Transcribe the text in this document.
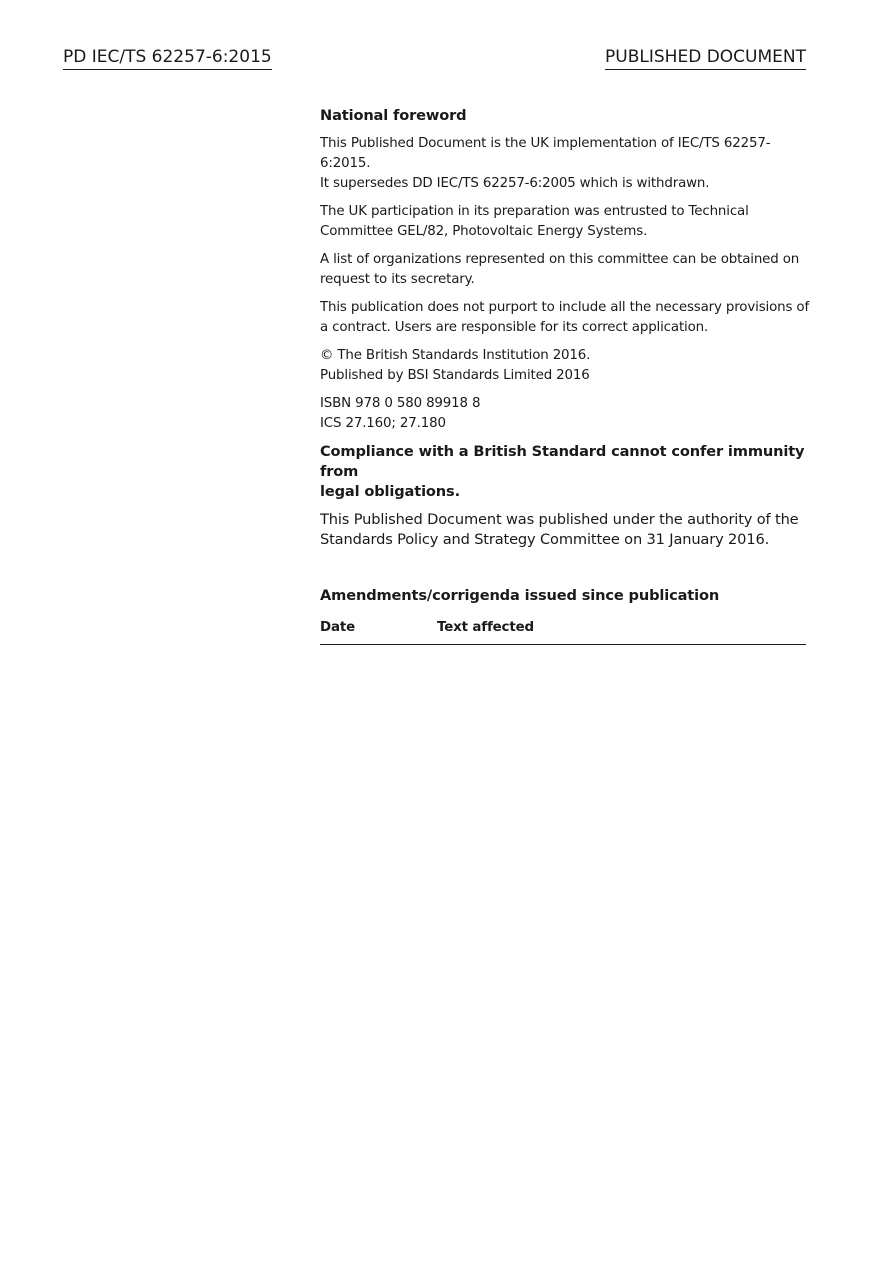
PD IEC/TS 62257-6:2015	PUBLISHED DOCUMENT
National foreword

This Published Document is the UK implementation of IEC/TS 62257-6:2015.
It supersedes DD IEC/TS 62257-6:2005 which is withdrawn.

The UK participation in its preparation was entrusted to Technical
Committee GEL/82, Photovoltaic Energy Systems.

A list of organizations represented on this committee can be obtained on
request to its secretary.

This publication does not purport to include all the necessary provisions of
a contract. Users are responsible for its correct application.

© The British Standards Institution 2016.
Published by BSI Standards Limited 2016

ISBN 978 0 580 89918 8
ICS 27.160; 27.180

Compliance with a British Standard cannot confer immunity from
legal obligations.
This Published Document was published under the authority of the
Standards Policy and Strategy Committee on 31 January 2016.
Amendments/corrigenda issued since publication
Date	Text affected
